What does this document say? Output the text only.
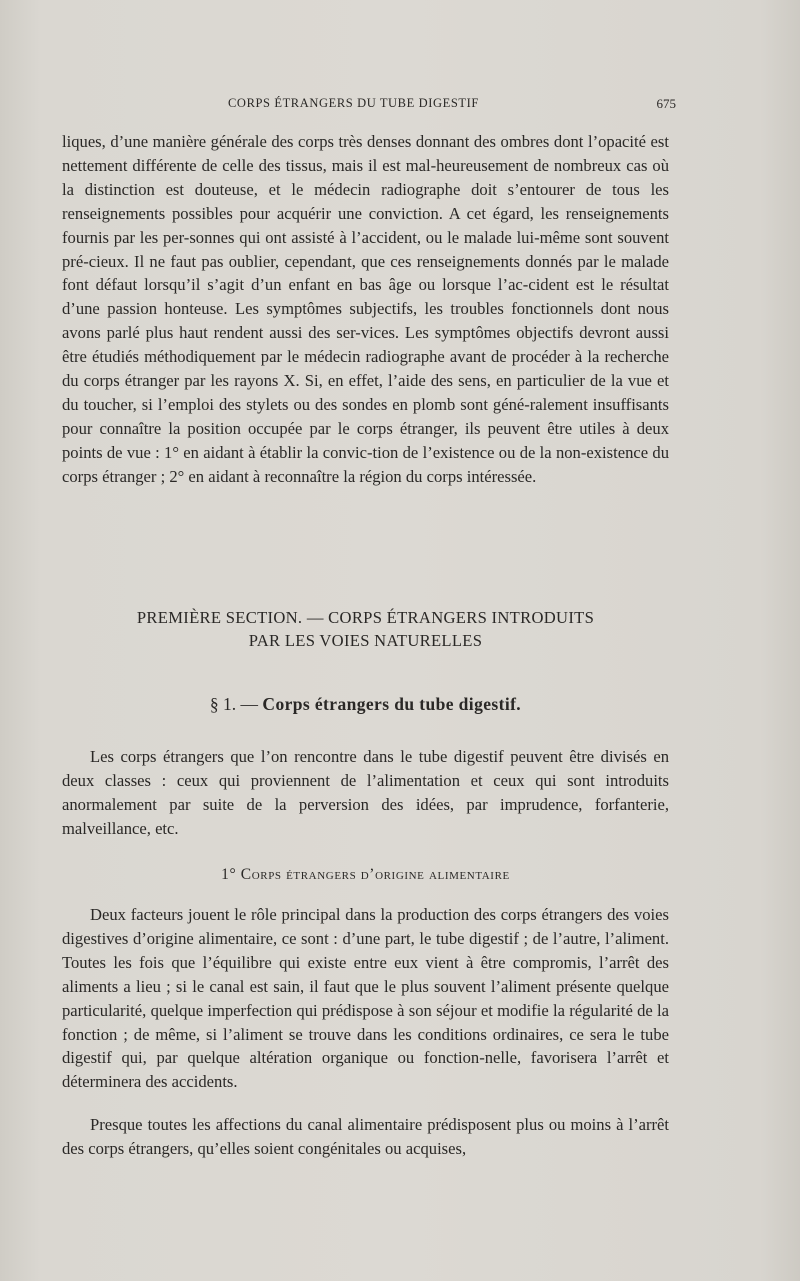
CORPS ÉTRANGERS DU TUBE DIGESTIF	675

liques, d’une manière générale des corps très denses donnant des ombres dont l’opacité est nettement différente de celle des tissus, mais il est mal-heureusement de nombreux cas où la distinction est douteuse, et le médecin radiographe doit s’entourer de tous les renseignements possibles pour acquérir une conviction. A cet égard, les renseignements fournis par les per-sonnes qui ont assisté à l’accident, ou le malade lui-même sont souvent pré-cieux. Il ne faut pas oublier, cependant, que ces renseignements donnés par le malade font défaut lorsqu’il s’agit d’un enfant en bas âge ou lorsque l’ac-cident est le résultat d’une passion honteuse. Les symptômes subjectifs, les troubles fonctionnels dont nous avons parlé plus haut rendent aussi des ser-vices. Les symptômes objectifs devront aussi être étudiés méthodiquement par le médecin radiographe avant de procéder à la recherche du corps étranger par les rayons X. Si, en effet, l’aide des sens, en particulier de la vue et du toucher, si l’emploi des stylets ou des sondes en plomb sont géné-ralement insuffisants pour connaître la position occupée par le corps étranger, ils peuvent être utiles à deux points de vue : 1° en aidant à établir la convic-tion de l’existence ou de la non-existence du corps étranger ; 2° en aidant à reconnaître la région du corps intéressée.

PREMIÈRE SECTION. — CORPS ÉTRANGERS INTRODUITS
PAR LES VOIES NATURELLES
§ 1. — Corps étrangers du tube digestif.

Les corps étrangers que l’on rencontre dans le tube digestif peuvent être divisés en deux classes : ceux qui proviennent de l’alimentation et ceux qui sont introduits anormalement par suite de la perversion des idées, par imprudence, forfanterie, malveillance, etc.

1° Corps étrangers d’origine alimentaire

Deux facteurs jouent le rôle principal dans la production des corps étrangers des voies digestives d’origine alimentaire, ce sont : d’une part, le tube digestif ; de l’autre, l’aliment. Toutes les fois que l’équilibre qui existe entre eux vient à être compromis, l’arrêt des aliments a lieu ; si le canal est sain, il faut que le plus souvent l’aliment présente quelque particularité, quelque imperfection qui prédispose à son séjour et modifie la régularité de la fonction ; de même, si l’aliment se trouve dans les conditions ordinaires, ce sera le tube digestif qui, par quelque altération organique ou fonction-nelle, favorisera l’arrêt et déterminera des accidents.

Presque toutes les affections du canal alimentaire prédisposent plus ou moins à l’arrêt des corps étrangers, qu’elles soient congénitales ou acquises,
